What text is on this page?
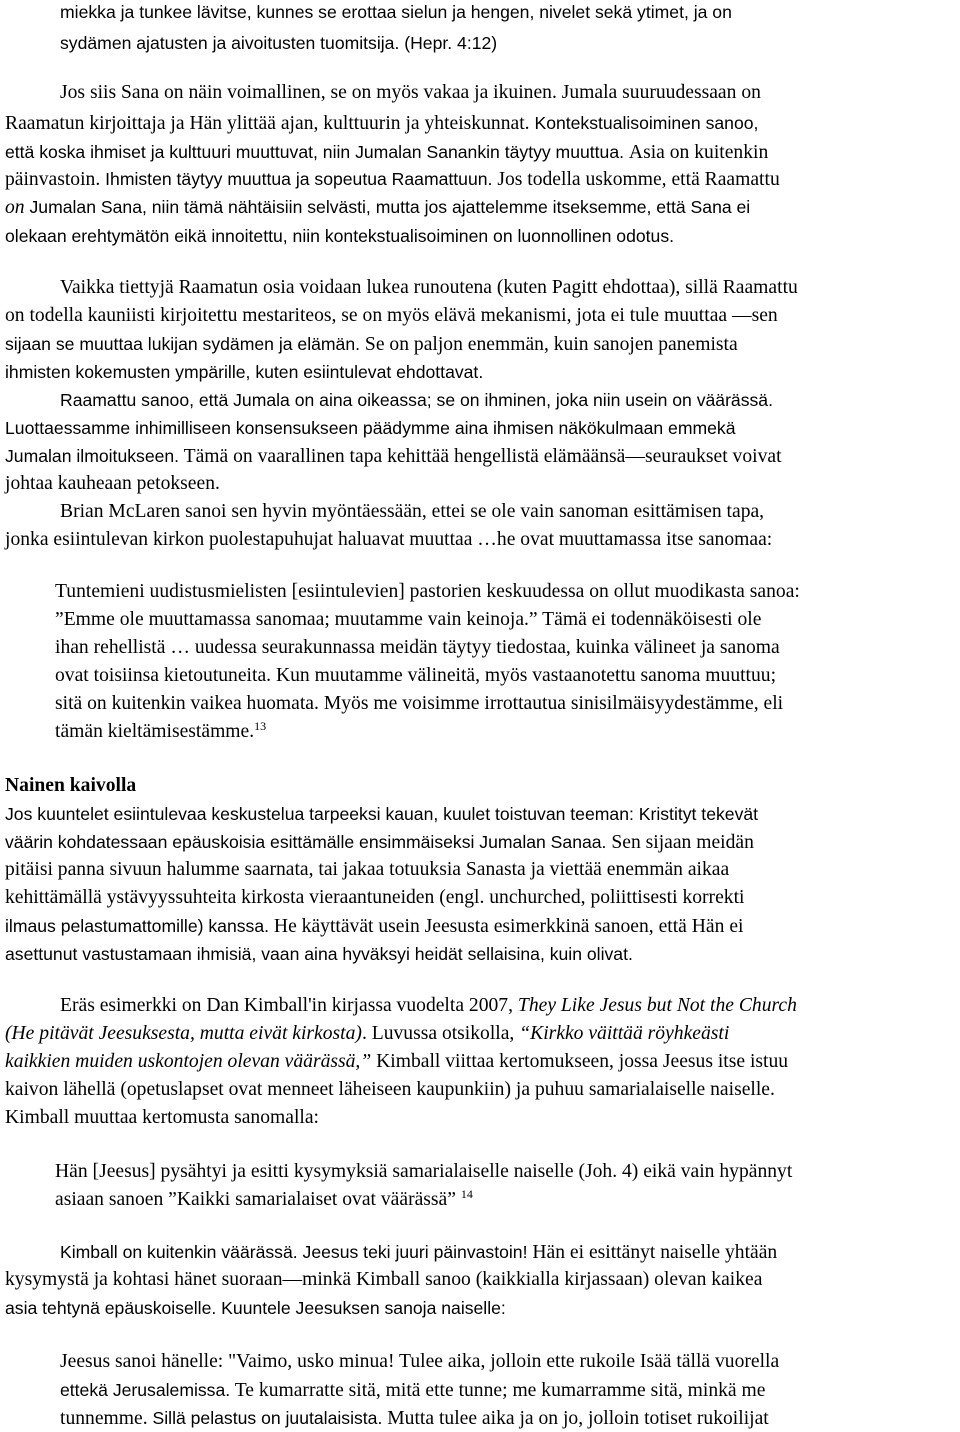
miekka ja tunkee lävitse, kunnes se erottaa sielun ja hengen, nivelet sekä ytimet, ja on
sydämen ajatusten ja aivoitusten tuomitsija. (Hepr. 4:12)
Jos siis Sana on näin voimallinen, se on myös vakaa ja ikuinen. Jumala suuruudessaan on
Raamatun kirjoittaja ja Hän ylittää ajan, kulttuurin ja yhteiskunnat. Kontekstualisoiminen sanoo,
että koska ihmiset ja kulttuuri muuttuvat, niin Jumalan Sanankin täytyy muuttua. Asia on kuitenkin
päinvastoin. Ihmisten täytyy muuttua ja sopeutua Raamattuun. Jos todella uskomme, että Raamattu
on Jumalan Sana, niin tämä nähtäisiin selvästi, mutta jos ajattelemme itseksemme, että Sana ei
olekaan erehtymätön eikä innoitettu, niin kontekstualisoiminen on luonnollinen odotus.
Vaikka tiettyjä Raamatun osia voidaan lukea runoutena (kuten Pagitt ehdottaa), sillä Raamattu
on todella kauniisti kirjoitettu mestariteos, se on myös elävä mekanismi, jota ei tule muuttaa —sen
sijaan se muuttaa lukijan sydämen ja elämän. Se on paljon enemmän, kuin sanojen panemista
ihmisten kokemusten ympärille, kuten esiintulevat ehdottavat.
Raamattu sanoo, että Jumala on aina oikeassa; se on ihminen, joka niin usein on väärässä.
Luottaessamme inhimilliseen konsensukseen päädymme aina ihmisen näkökulmaan emmekä
Jumalan ilmoitukseen. Tämä on vaarallinen tapa kehittää hengellistä elämäänsä—seuraukset voivat
johtaa kauheaan petokseen.
Brian McLaren sanoi sen hyvin myöntäessään, ettei se ole vain sanoman esittämisen tapa,
jonka esiintulevan kirkon puolestapuhujat haluavat muuttaa …he ovat muuttamassa itse sanomaa:
Tuntemieni uudistusmielisten [esiintulevien] pastorien keskuudessa on ollut muodikasta sanoa:
”Emme ole muuttamassa sanomaa; muutamme vain keinoja.” Tämä ei todennäköisesti ole
ihan rehellistä … uudessa seurakunnassa meidän täytyy tiedostaa, kuinka välineet ja sanoma
ovat toisiinsa kietoutuneita. Kun muutamme välineitä, myös vastaanotettu sanoma muuttuu;
sitä on kuitenkin vaikea huomata. Myös me voisimme irrottautua sinisilmäisyydestämme, eli
tämän kieltämisestämme.$^{13}$
Nainen kaivolla
Jos kuuntelet esiintulevaa keskustelua tarpeeksi kauan, kuulet toistuvan teeman: Kristityt tekevät
väärin kohdatessaan epäuskoisia esittämälle ensimmäiseksi Jumalan Sanaa. Sen sijaan meidän
pitäisi panna sivuun halumme saarnata, tai jakaa totuuksia Sanasta ja viettää enemmän aikaa
kehittämällä ystävyyssuhteita kirkosta vieraantuneiden (engl. unchurched, poliittisesti korrekti
ilmaus pelastumattomille) kanssa. He käyttävät usein Jeesusta esimerkkinä sanoen, että Hän ei
asettunut vastustamaan ihmisiä, vaan aina hyväksyi heidät sellaisina, kuin olivat.
Eräs esimerkki on Dan Kimball'in kirjassa vuodelta 2007, They Like Jesus but Not the Church
(He pitävät Jeesuksesta, mutta eivät kirkosta). Luvussa otsikolla, “Kirkko väittää röyhkeästi
kaikkien muiden uskontojen olevan väärässä,” Kimball viittaa kertomukseen, jossa Jeesus itse istuu
kaivon lähellä (opetuslapset ovat menneet läheiseen kaupunkiin) ja puhuu samarialaiselle naiselle.
Kimball muuttaa kertomusta sanomalla:
Hän [Jeesus] pysähtyi ja esitti kysymyksiä samarialaiselle naiselle (Joh. 4) eikä vain hypännyt
asiaan sanoen ”Kaikki samarialaiset ovat väärässä” $^{14}$
Kimball on kuitenkin väärässä. Jeesus teki juuri päinvastoin! Hän ei esittänyt naiselle yhtään
kysymystä ja kohtasi hänet suoraan—minkä Kimball sanoo (kaikkialla kirjassaan) olevan kaikea
asia tehtynä epäuskoiselle. Kuuntele Jeesuksen sanoja naiselle:
Jeesus sanoi hänelle: "Vaimo, usko minua! Tulee aika, jolloin ette rukoile Isää tällä vuorella
ettekä Jerusalemissa. Te kumarratte sitä, mitä ette tunne; me kumarramme sitä, minkä me
tunnemme. Sillä pelastus on juutalaisista. Mutta tulee aika ja on jo, jolloin totiset rukoilijat
